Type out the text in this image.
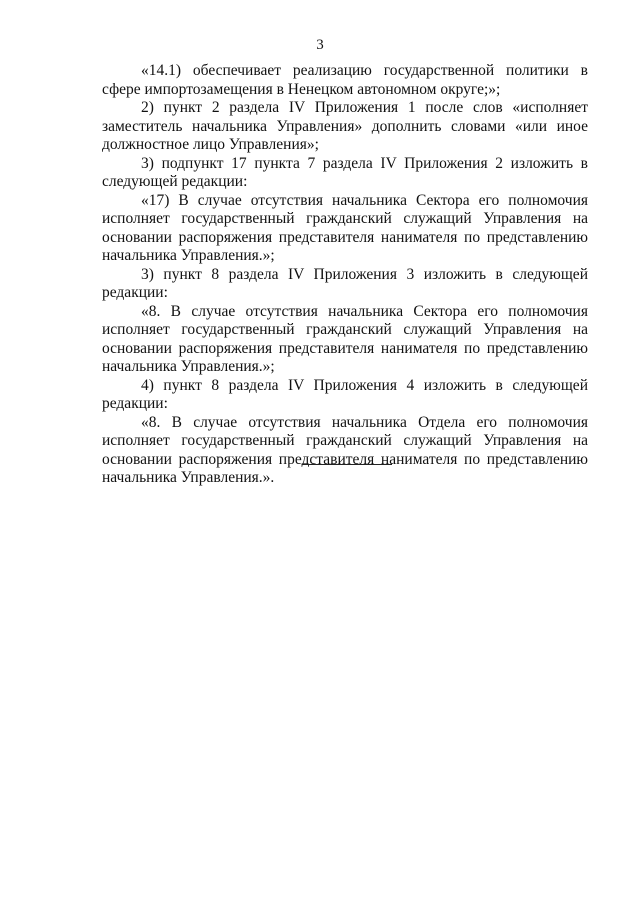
3

«14.1) обеспечивает реализацию государственной политики в сфере импортозамещения в Ненецком автономном округе;»;

2) пункт 2 раздела IV Приложения 1 после слов «исполняет заместитель начальника Управления» дополнить словами «или иное должностное лицо Управления»;

3) подпункт 17 пункта 7 раздела IV Приложения 2 изложить в следующей редакции:

«17) В случае отсутствия начальника Сектора его полномочия исполняет государственный гражданский служащий Управления на основании распоряжения представителя нанимателя по представлению начальника Управления.»;

3) пункт 8 раздела IV Приложения 3 изложить в следующей редакции:

«8. В случае отсутствия начальника Сектора его полномочия исполняет государственный гражданский служащий Управления на основании распоряжения представителя нанимателя по представлению начальника Управления.»;

4) пункт 8 раздела IV Приложения 4 изложить в следующей редакции:

«8. В случае отсутствия начальника Отдела его полномочия исполняет государственный гражданский служащий Управления на основании распоряжения представителя нанимателя по представлению начальника Управления.».
